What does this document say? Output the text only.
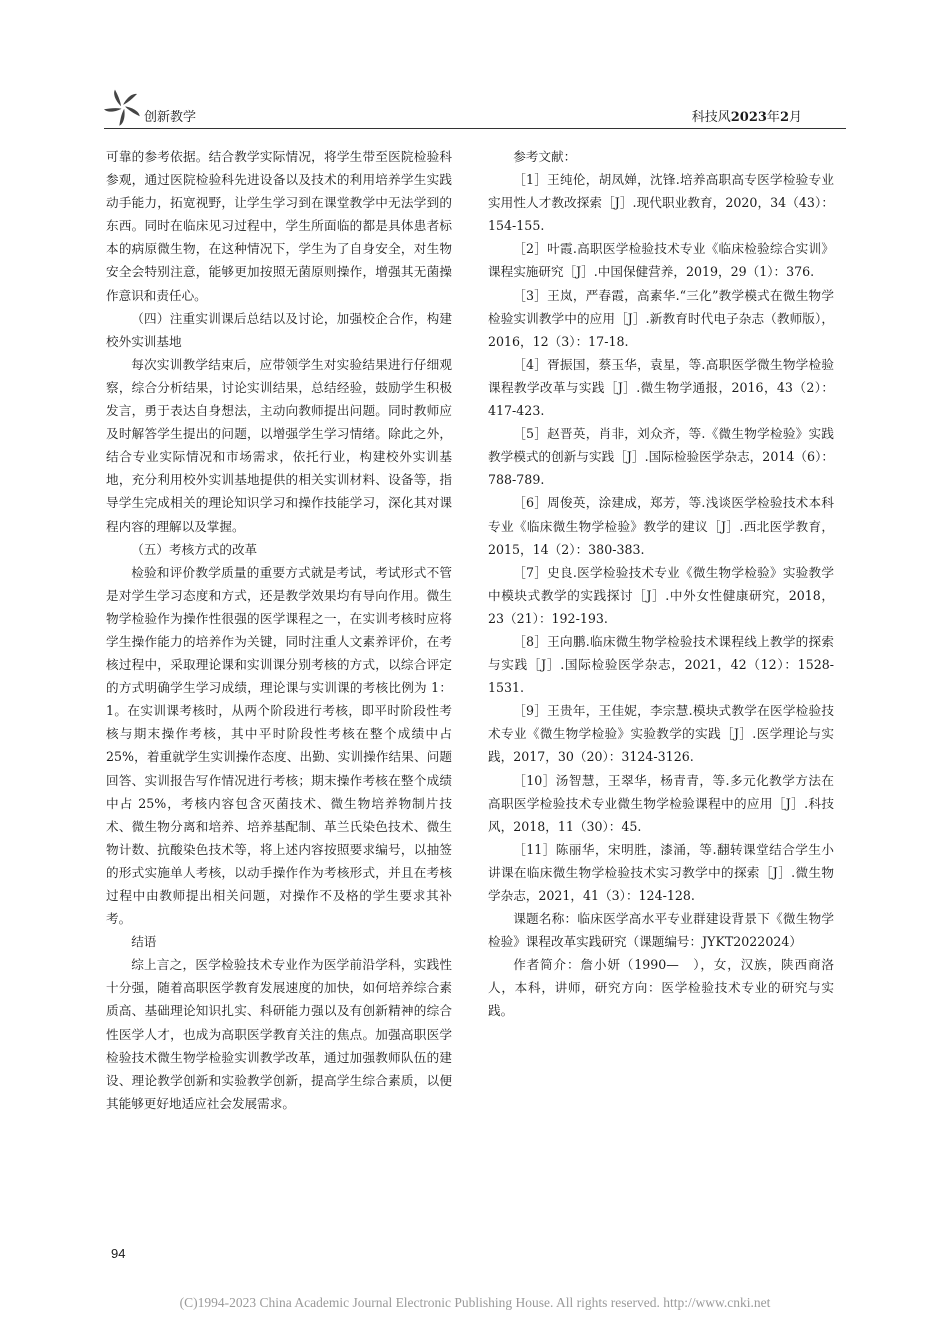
创新教学	科技风2023年2月

可靠的参考依据。结合教学实际情况，将学生带至医院检验科参观，通过医院检验科先进设备以及技术的利用培养学生实践动手能力，拓宽视野，让学生学习到在课堂教学中无法学到的东西。同时在临床见习过程中，学生所面临的都是具体患者标本的病原微生物，在这种情况下，学生为了自身安全，对生物安全会特别注意，能够更加按照无菌原则操作，增强其无菌操作意识和责任心。

（四）注重实训课后总结以及讨论，加强校企合作，构建校外实训基地

每次实训教学结束后，应带领学生对实验结果进行仔细观察，综合分析结果，讨论实训结果，总结经验，鼓励学生积极发言，勇于表达自身想法，主动向教师提出问题。同时教师应及时解答学生提出的问题，以增强学生学习情绪。除此之外，结合专业实际情况和市场需求，依托行业，构建校外实训基地，充分利用校外实训基地提供的相关实训材料、设备等，指导学生完成相关的理论知识学习和操作技能学习，深化其对课程内容的理解以及掌握。

（五）考核方式的改革

检验和评价教学质量的重要方式就是考试，考试形式不管是对学生学习态度和方式，还是教学效果均有导向作用。微生物学检验作为操作性很强的医学课程之一，在实训考核时应将学生操作能力的培养作为关键，同时注重人文素养评价，在考核过程中，采取理论课和实训课分别考核的方式，以综合评定的方式明确学生学习成绩，理论课与实训课的考核比例为 1：1。在实训课考核时，从两个阶段进行考核，即平时阶段性考核与期末操作考核，其中平时阶段性考核在整个成绩中占 25%，着重就学生实训操作态度、出勤、实训操作结果、问题回答、实训报告写作情况进行考核；期末操作考核在整个成绩中占 25%，考核内容包含灭菌技术、微生物培养物制片技术、微生物分离和培养、培养基配制、革兰氏染色技术、微生物计数、抗酸染色技术等，将上述内容按照要求编号，以抽签的形式实施单人考核，以动手操作作为考核形式，并且在考核过程中由教师提出相关问题，对操作不及格的学生要求其补考。

结语

综上言之，医学检验技术专业作为医学前沿学科，实践性十分强，随着高职医学教育发展速度的加快，如何培养综合素质高、基础理论知识扎实、科研能力强以及有创新精神的综合性医学人才，也成为高职医学教育关注的焦点。加强高职医学检验技术微生物学检验实训教学改革，通过加强教师队伍的建设、理论教学创新和实验教学创新，提高学生综合素质，以便其能够更好地适应社会发展需求。

参考文献：

［1］王纯伦，胡凤婵，沈锋.培养高职高专医学检验专业实用性人才教改探索［J］.现代职业教育，2020，34（43）：154-155.

［2］叶霞.高职医学检验技术专业《临床检验综合实训》课程实施研究［J］.中国保健营养，2019，29（1）：376.

［3］王岚，严春霞，高素华.“三化”教学模式在微生物学检验实训教学中的应用［J］.新教育时代电子杂志（教师版），2016，12（3）：17-18.

［4］胥振国，蔡玉华，袁星，等.高职医学微生物学检验课程教学改革与实践［J］.微生物学通报，2016，43（2）：417-423.

［5］赵晋英，肖非，刘众齐，等.《微生物学检验》实践教学模式的创新与实践［J］.国际检验医学杂志，2014（6）：788-789.

［6］周俊英，涂建成，郑芳，等.浅谈医学检验技术本科专业《临床微生物学检验》教学的建议［J］.西北医学教育，2015，14（2）：380-383.

［7］史良.医学检验技术专业《微生物学检验》实验教学中模块式教学的实践探讨［J］.中外女性健康研究，2018，23（21）：192-193.

［8］王向鹏.临床微生物学检验技术课程线上教学的探索与实践［J］.国际检验医学杂志，2021，42（12）：1528-1531.

［9］王贵年，王佳妮，李宗慧.模块式教学在医学检验技术专业《微生物学检验》实验教学的实践［J］.医学理论与实践，2017，30（20）：3124-3126.

［10］汤智慧，王翠华，杨青青，等.多元化教学方法在高职医学检验技术专业微生物学检验课程中的应用［J］.科技风，2018，11（30）：45.

［11］陈丽华，宋明胜，漆涌，等.翻转课堂结合学生小讲课在临床微生物学检验技术实习教学中的探索［J］.微生物学杂志，2021，41（3）：124-128.

课题名称：临床医学高水平专业群建设背景下《微生物学检验》课程改革实践研究（课题编号：JYKT2022024）

作者简介：詹小妍（1990—　），女，汉族，陕西商洛人，本科，讲师，研究方向：医学检验技术专业的研究与实践。

94
(C)1994-2023 China Academic Journal Electronic Publishing House. All rights reserved. http://www.cnki.net
